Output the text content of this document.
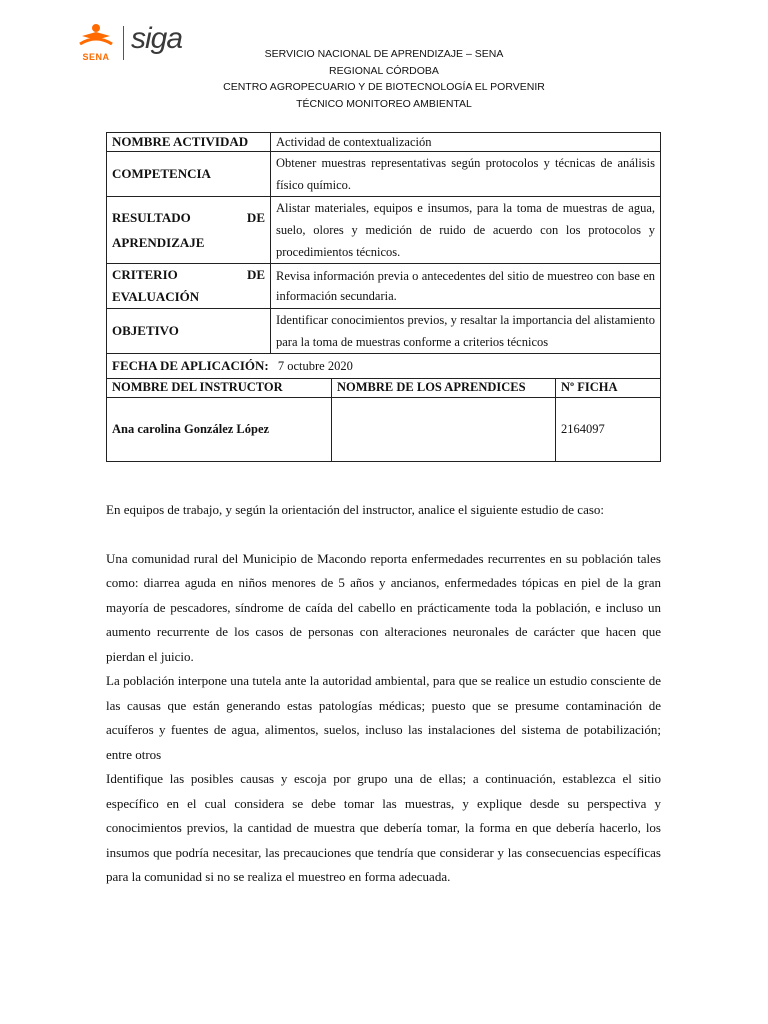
SENA
siga	SERVICIO NACIONAL DE APRENDIZAJE – SENA
REGIONAL CÓRDOBA
CENTRO AGROPECUARIO Y DE BIOTECNOLOGÍA EL PORVENIR
TÉCNICO MONITOREO AMBIENTAL
NOMBRE ACTIVIDAD	Actividad de contextualización
COMPETENCIA	Obtener muestras representativas según protocolos y técnicas de análisis físico químico.
RESULTADO DE APRENDIZAJE	Alistar materiales, equipos e insumos, para la toma de muestras de agua, suelo, olores y medición de ruido de acuerdo con los protocolos y procedimientos técnicos.
CRITERIO DE EVALUACIÓN	Revisa información previa o antecedentes del sitio de muestreo con base en información secundaria.
OBJETIVO	Identificar conocimientos previos, y resaltar la importancia del alistamiento para la toma de muestras conforme a criterios técnicos
FECHA DE APLICACIÓN: 7 octubre 2020

NOMBRE DEL INSTRUCTOR	NOMBRE DE LOS APRENDICES	Nº FICHA
Ana carolina González López		2164097

En equipos de trabajo, y según la orientación del instructor, analice el siguiente estudio de caso:

Una comunidad rural del Municipio de Macondo reporta enfermedades recurrentes en su población tales como: diarrea aguda en niños menores de 5 años y ancianos, enfermedades tópicas en piel de la gran mayoría de pescadores, síndrome de caída del cabello en prácticamente toda la población, e incluso un aumento recurrente de los casos de personas con alteraciones neuronales de carácter que hacen que pierdan el juicio.

La población interpone una tutela ante la autoridad ambiental, para que se realice un estudio consciente de las causas que están generando estas patologías médicas; puesto que se presume contaminación de acuíferos y fuentes de agua, alimentos, suelos, incluso las instalaciones del sistema de potabilización; entre otros

Identifique las posibles causas y escoja por grupo una de ellas; a continuación, establezca el sitio específico en el cual considera se debe tomar las muestras, y explique desde su perspectiva y conocimientos previos, la cantidad de muestra que debería tomar, la forma en que debería hacerlo, los insumos que podría necesitar, las precauciones que tendría que considerar y las consecuencias específicas para la comunidad si no se realiza el muestreo en forma adecuada.
